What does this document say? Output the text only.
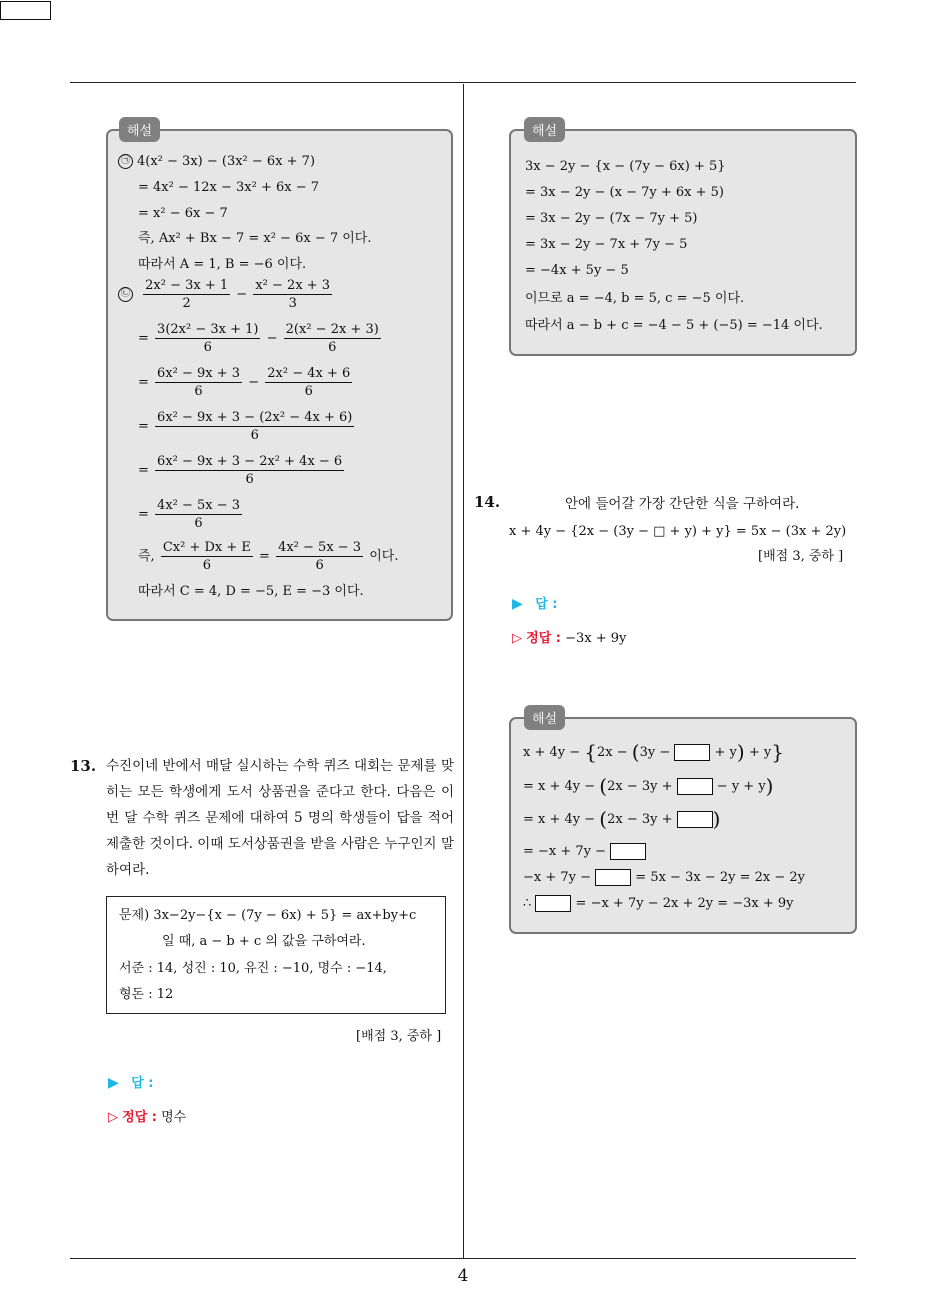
해설
㉠ 4(x² − 3x) − (3x² − 6x + 7)
= 4x² − 12x − 3x² + 6x − 7
= x² − 6x − 7
즉, Ax² + Bx − 7 = x² − 6x − 7 이다.
따라서 A = 1, B = −6 이다.
㉡ $\frac{\text{2x² − 3x + 1}}{2} - \frac{\text{x² − 2x + 3}}{3}$
= $\frac{\text{3(2x² − 3x + 1)}}{6} - \frac{\text{2(x² − 2x + 3)}}{6}$
= $\frac{\text{6x² − 9x + 3}}{6} - \frac{\text{2x² − 4x + 6}}{6}$
= $\frac{\text{6x² − 9x + 3 − (2x² − 4x + 6)}}{6}$
= $\frac{\text{6x² − 9x + 3 − 2x² + 4x − 6}}{6}$
= $\frac{\text{4x² − 5x − 3}}{6}$
즉, $\frac{\text{Cx² + Dx + E}}{6} = \frac{\text{4x² − 5x − 3}}{6}$ 이다.
따라서 C = 4, D = −5, E = −3 이다.
13. 수진이네 반에서 매달 실시하는 수학 퀴즈 대회는 문제를 맞히는 모든 학생에게 도서 상품권을 준다고 한다. 다음은 이번 달 수학 퀴즈 문제에 대하여 5 명의 학생들이 답을 적어 제출한 것이다. 이때 도서상품권을 받을 사람은 누구인지 말하여라.
문제) 3x−2y−{x − (7y − 6x) + 5} = ax+by+c
일 때, a − b + c 의 값을 구하여라.
서준 : 14, 성진 : 10, 유진 : −10, 명수 : −14,
형돈 : 12
[배점 3, 중하 ]
▶ 답 :
▷ 정답 : 명수
해설
3x − 2y − {x − (7y − 6x) + 5}
= 3x − 2y − (x − 7y + 6x + 5)
= 3x − 2y − (7x − 7y + 5)
= 3x − 2y − 7x + 7y − 5
= −4x + 5y − 5
이므로 a = −4, b = 5, c = −5 이다.
따라서 a − b + c = −4 − 5 + (−5) = −14 이다.
14.	안에 들어갈 가장 간단한 식을 구하여라.
x + 4y − {2x − (3y − □ + y) + y} = 5x − (3x + 2y)
[배점 3, 중하 ]
▶ 답 :
▷ 정답 : −3x + 9y
해설
x + 4y − {2x − (3y −	+ y) + y}
= x + 4y − (2x − 3y +	− y + y)
= x + 4y − (2x − 3y + )
= −x + 7y −
−x + 7y −	= 5x − 3x − 2y = 2x − 2y
∴	= −x + 7y − 2x + 2y = −3x + 9y
4
